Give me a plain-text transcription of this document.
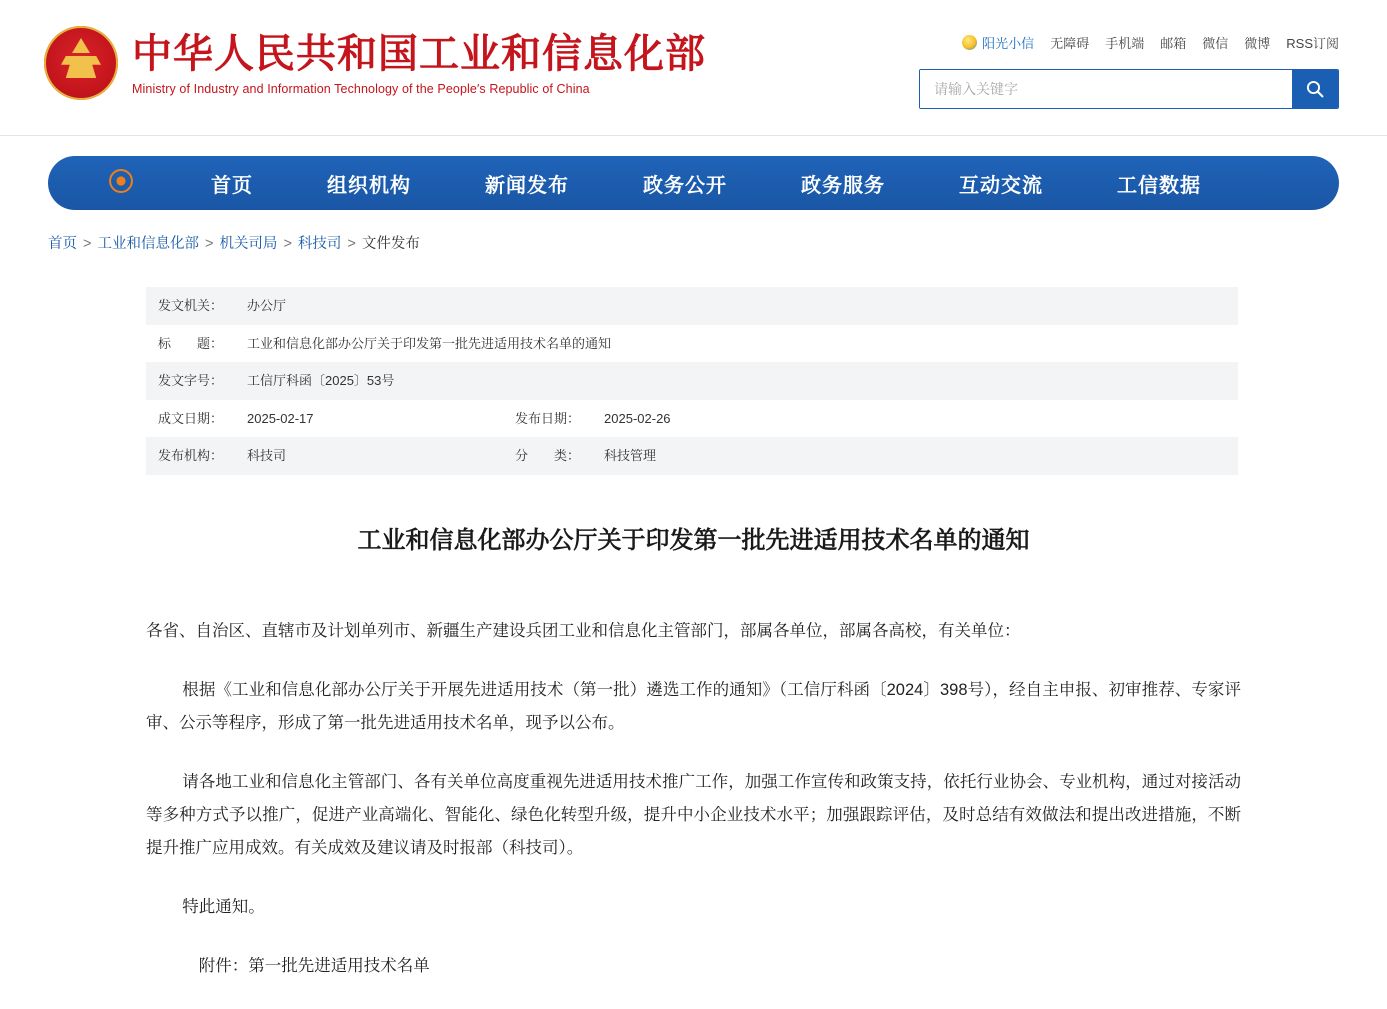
中华人民共和国工业和信息化部
Ministry of Industry and Information Technology of the People′s Republic of China
阳光小信 无障碍 手机端 邮箱 微信 微博 RSS订阅
请输入关键字
⦿	首页	组织机构	新闻发布	政务公开	政务服务	互动交流	工信数据
首页 > 工业和信息化部 > 机关司局 > 科技司 > 文件发布
发文机关：	办公厅		
标　　题：	工业和信息化部办公厅关于印发第一批先进适用技术名单的通知		
发文字号：	工信厅科函〔2025〕53号		
成文日期：	2025-02-17	发布日期：	2025-02-26
发布机构：	科技司	分　　类：	科技管理
工业和信息化部办公厅关于印发第一批先进适用技术名单的通知

各省、自治区、直辖市及计划单列市、新疆生产建设兵团工业和信息化主管部门，部属各单位，部属各高校，有关单位：

根据《工业和信息化部办公厅关于开展先进适用技术（第一批）遴选工作的通知》（工信厅科函〔2024〕398号），经自主申报、初审推荐、专家评审、公示等程序，形成了第一批先进适用技术名单，现予以公布。

请各地工业和信息化主管部门、各有关单位高度重视先进适用技术推广工作，加强工作宣传和政策支持，依托行业协会、专业机构，通过对接活动等多种方式予以推广，促进产业高端化、智能化、绿色化转型升级，提升中小企业技术水平；加强跟踪评估，及时总结有效做法和提出改进措施，不断提升推广应用成效。有关成效及建议请及时报部（科技司）。

特此通知。

附件：第一批先进适用技术名单
